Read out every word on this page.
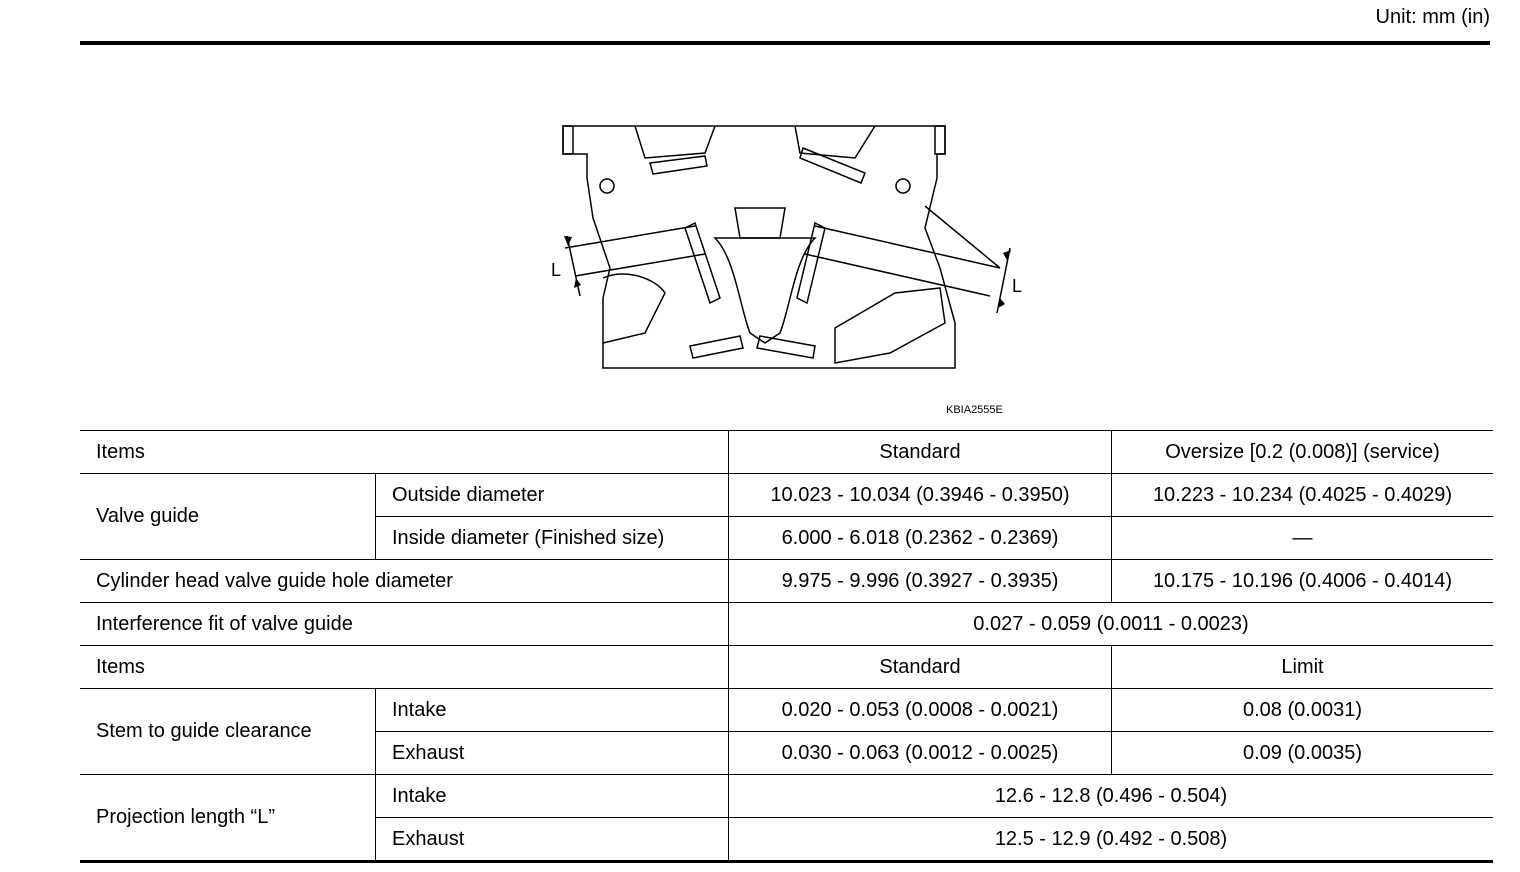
Unit: mm (in)
L
L
KBIA2555E
Items		Standard	Oversize [0.2 (0.008)] (service)
Valve guide	Outside diameter	10.023 - 10.034 (0.3946 - 0.3950)	10.223 - 10.234 (0.4025 - 0.4029)
	Inside diameter (Finished size)	6.000 - 6.018 (0.2362 - 0.2369)	—
Cylinder head valve guide hole diameter		9.975 - 9.996 (0.3927 - 0.3935)	10.175 - 10.196 (0.4006 - 0.4014)
Interference fit of valve guide		0.027 - 0.059 (0.0011 - 0.0023)	
Items		Standard	Limit
Stem to guide clearance	Intake	0.020 - 0.053 (0.0008 - 0.0021)	0.08 (0.0031)
	Exhaust	0.030 - 0.063 (0.0012 - 0.0025)	0.09 (0.0035)
Projection length “L”	Intake	12.6 - 12.8 (0.496 - 0.504)	
	Exhaust	12.5 - 12.9 (0.492 - 0.508)	
